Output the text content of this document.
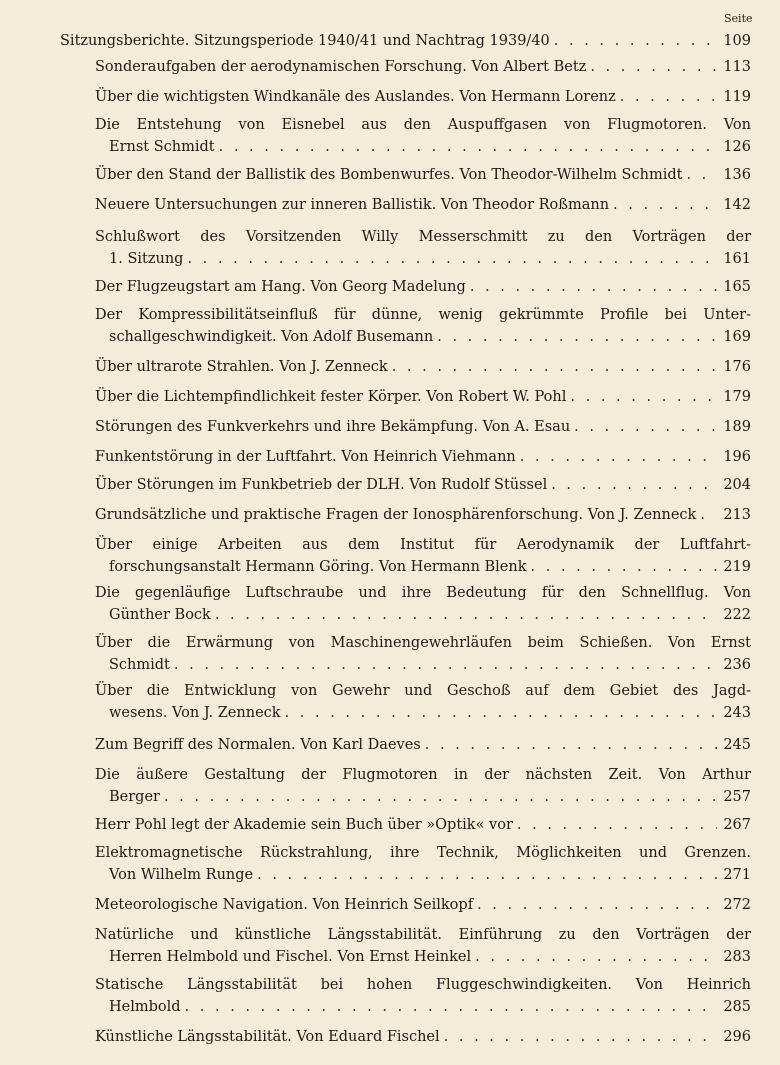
Seite
Sitzungsberichte. Sitzungsperiode 1940/41 und Nachtrag 1939/40 . . .	109
Sonderaufgaben der aerodynamischen Forschung. Von Albert Betz . . .	113
Über die wichtigsten Windkanäle des Auslandes. Von Hermann Lorenz . . .	119
Die Entstehung von Eisnebel aus den Auspuffgasen von Flugmotoren. Von
Ernst Schmidt . . .	126
Über den Stand der Ballistik des Bombenwurfes. Von Theodor-Wilhelm Schmidt . . .	136
Neuere Untersuchungen zur inneren Ballistik. Von Theodor Roßmann . . .	142
Schlußwort des Vorsitzenden Willy Messerschmitt zu den Vorträgen der
1. Sitzung . . .	161
Der Flugzeugstart am Hang. Von Georg Madelung . . .	165
Der Kompressibilitätseinfluß für dünne, wenig gekrümmte Profile bei Unter-
schallgeschwindigkeit. Von Adolf Busemann . . .	169
Über ultrarote Strahlen. Von J. Zenneck . . .	176
Über die Lichtempfindlichkeit fester Körper. Von Robert W. Pohl . . .	179
Störungen des Funkverkehrs und ihre Bekämpfung. Von A. Esau . . .	189
Funkentstörung in der Luftfahrt. Von Heinrich Viehmann . . .	196
Über Störungen im Funkbetrieb der DLH. Von Rudolf Stüssel . . .	204
Grundsätzliche und praktische Fragen der Ionosphärenforschung. Von J. Zenneck . . . 213
Über einige Arbeiten aus dem Institut für Aerodynamik der Luftfahrt-
forschungsanstalt Hermann Göring. Von Hermann Blenk . . .	219
Die gegenläufige Luftschraube und ihre Bedeutung für den Schnellflug. Von
Günther Bock . . .	222
Über die Erwärmung von Maschinengewehrläufen beim Schießen. Von Ernst
Schmidt . . .	236
Über die Entwicklung von Gewehr und Geschoß auf dem Gebiet des Jagd-
wesens. Von J. Zenneck . . .	243
Zum Begriff des Normalen. Von Karl Daeves . . .	245
Die äußere Gestaltung der Flugmotoren in der nächsten Zeit. Von Arthur
Berger . . .	257
Herr Pohl legt der Akademie sein Buch über »Optik« vor . . .	267
Elektromagnetische Rückstrahlung, ihre Technik, Möglichkeiten und Grenzen.
Von Wilhelm Runge . . .	271
Meteorologische Navigation. Von Heinrich Seilkopf . . .	272
Natürliche und künstliche Längsstabilität. Einführung zu den Vorträgen der
Herren Helmbold und Fischel. Von Ernst Heinkel . . .	283
Statische Längsstabilität bei hohen Fluggeschwindigkeiten. Von Heinrich
Helmbold . . .	285
Künstliche Längsstabilität. Von Eduard Fischel . . .	296
